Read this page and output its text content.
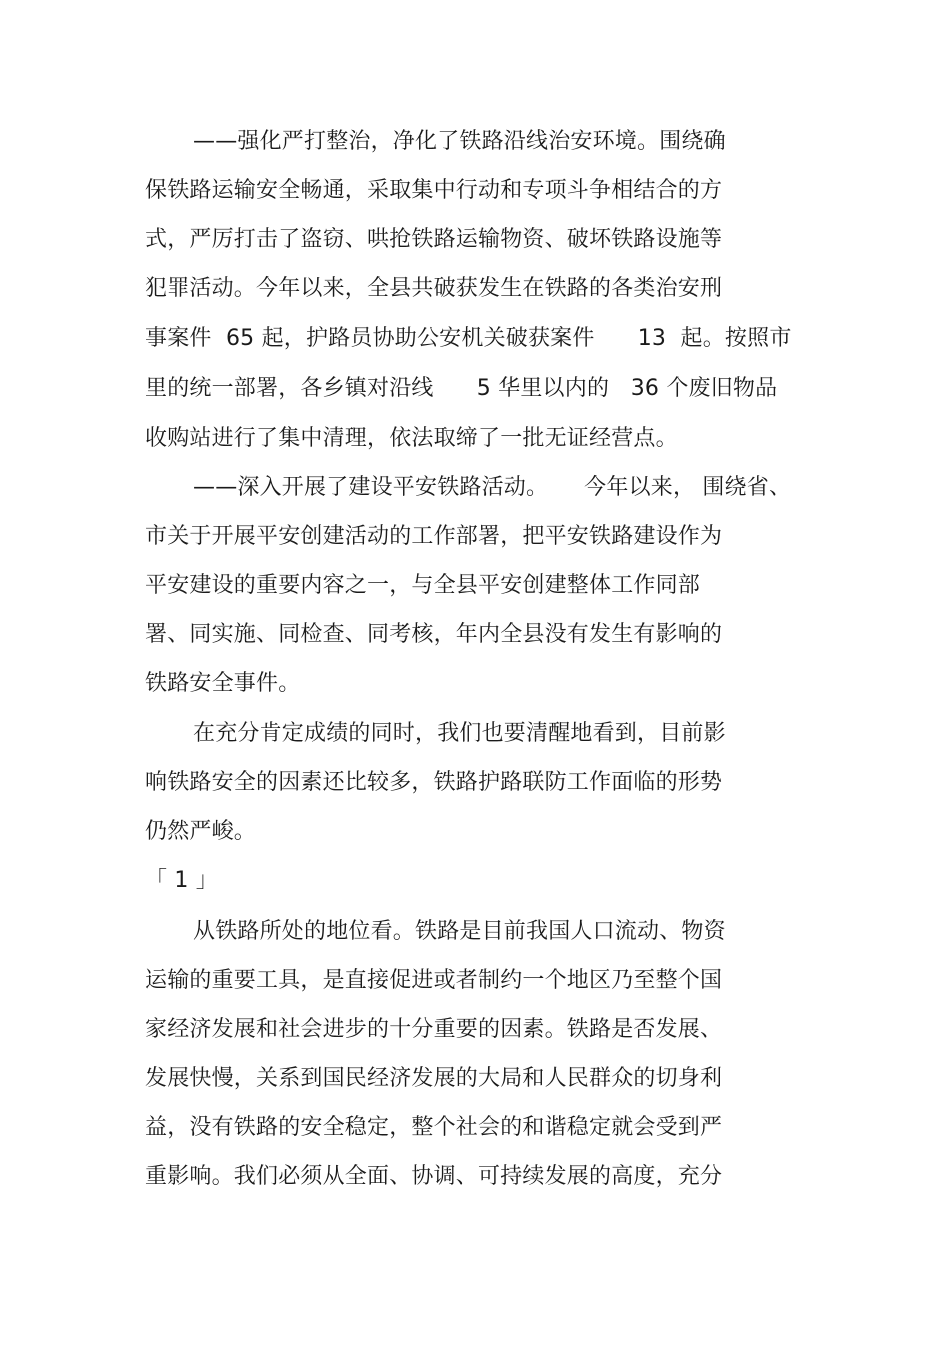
——强化严打整治，净化了铁路沿线治安环境。围绕确
保铁路运输安全畅通，采取集中行动和专项斗争相结合的方
式，严厉打击了盗窃、哄抢铁路运输物资、破坏铁路设施等
犯罪活动。今年以来，全县共破获发生在铁路的各类治安刑
事案件  65 起，护路员协助公安机关破获案件      13  起。按照市
里的统一部署，各乡镇对沿线      5 华里以内的   36 个废旧物品
收购站进行了集中清理，依法取缔了一批无证经营点。
——深入开展了建设平安铁路活动。     今年以来， 围绕省、
市关于开展平安创建活动的工作部署，把平安铁路建设作为
平安建设的重要内容之一，与全县平安创建整体工作同部
署、同实施、同检查、同考核，年内全县没有发生有影响的
铁路安全事件。
在充分肯定成绩的同时，我们也要清醒地看到，目前影
响铁路安全的因素还比较多，铁路护路联防工作面临的形势
仍然严峻。
「 1 」
从铁路所处的地位看。铁路是目前我国人口流动、物资
运输的重要工具，是直接促进或者制约一个地区乃至整个国
家经济发展和社会进步的十分重要的因素。铁路是否发展、
发展快慢，关系到国民经济发展的大局和人民群众的切身利
益，没有铁路的安全稳定，整个社会的和谐稳定就会受到严
重影响。我们必须从全面、协调、可持续发展的高度，充分
